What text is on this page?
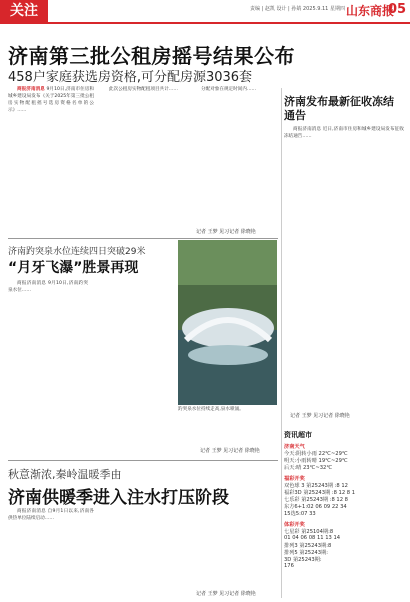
关注	责编 | 赵凯 设计 | 孙婧 2025.9.11 星期四 山东商报
05
济南第三批公租房摇号结果公布
458户家庭获选房资格,可分配房源3036套

商报济南消息 9月10日,济南市住房和城乡建设局发布《关于2025年第三批公租房实物配租摇号选房资格名单的公示》……

此次公租房实物配租项目共计……	分配对象在规定时间内……

记者 王梦 见习记者 徐晓艳
济南发布最新征收冻结通告

商报济南消息 近日,济南市住房和城乡建设局发布征收冻结通告……

记者 王梦 见习记者 徐晓艳
济南趵突泉水位连续四日突破29米
“月牙飞瀑”胜景再现

商报济南消息 9月10日,济南趵突泉水位……

趵突泉水位持续走高,泉水喷涌。
记者 王梦 见习记者 徐晓艳
资讯超市
济南天气
今天:阴转小雨 22℃~29℃
明天:小雨转晴 19℃~29℃
后天:晴 23℃~32℃
福彩开奖
双色球 3 第25243期 :8 12
福彩3D 第25243期 :8 12 8 1
七乐彩 第25243期 :8 12 8
东方6+1:02 06 09 22 34
15选5:07 33
体彩开奖
七星彩 第25104期:8
01 04 06 08 11 13 14
排列3 第25243期:8
排列5 第25243期:
3D 第25243期:
176
秋意渐浓,秦岭温暖季由
济南供暖季进入注水打压阶段

商报济南消息 自9月1日以来,济南各供热单位陆续启动……

记者 王梦 见习记者 徐晓艳
